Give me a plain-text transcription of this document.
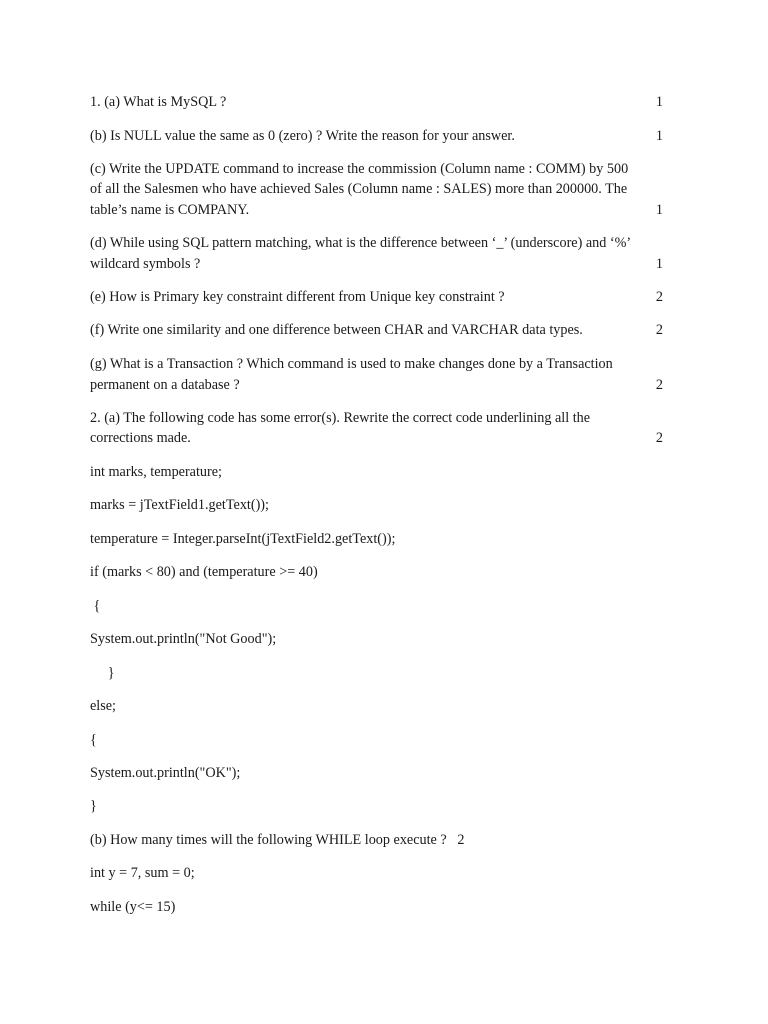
1. (a) What is MySQL ?	1
(b) Is NULL value the same as 0 (zero) ? Write the reason for your answer.	1
(c) Write the UPDATE command to increase the commission (Column name : COMM) by 500
of all the Salesmen who have achieved Sales (Column name : SALES) more than 200000. The
table’s name is COMPANY.	1
(d) While using SQL pattern matching, what is the difference between ‘_’ (underscore) and ‘%’
wildcard symbols ?	1
(e) How is Primary key constraint different from Unique key constraint ?	2
(f) Write one similarity and one difference between CHAR and VARCHAR data types.	2
(g) What is a Transaction ? Which command is used to make changes done by a Transaction
permanent on a database ?	2
2. (a) The following code has some error(s). Rewrite the correct code underlining all the
corrections made.	2
int marks, temperature;
marks = jTextField1.getText());
temperature = Integer.parseInt(jTextField2.getText());
if (marks < 80) and (temperature >= 40)
{
System.out.println("Not Good");
}
else;
{
System.out.println("OK");
}
(b) How many times will the following WHILE loop execute ?   2
int y = 7, sum = 0;
while (y<= 15)
